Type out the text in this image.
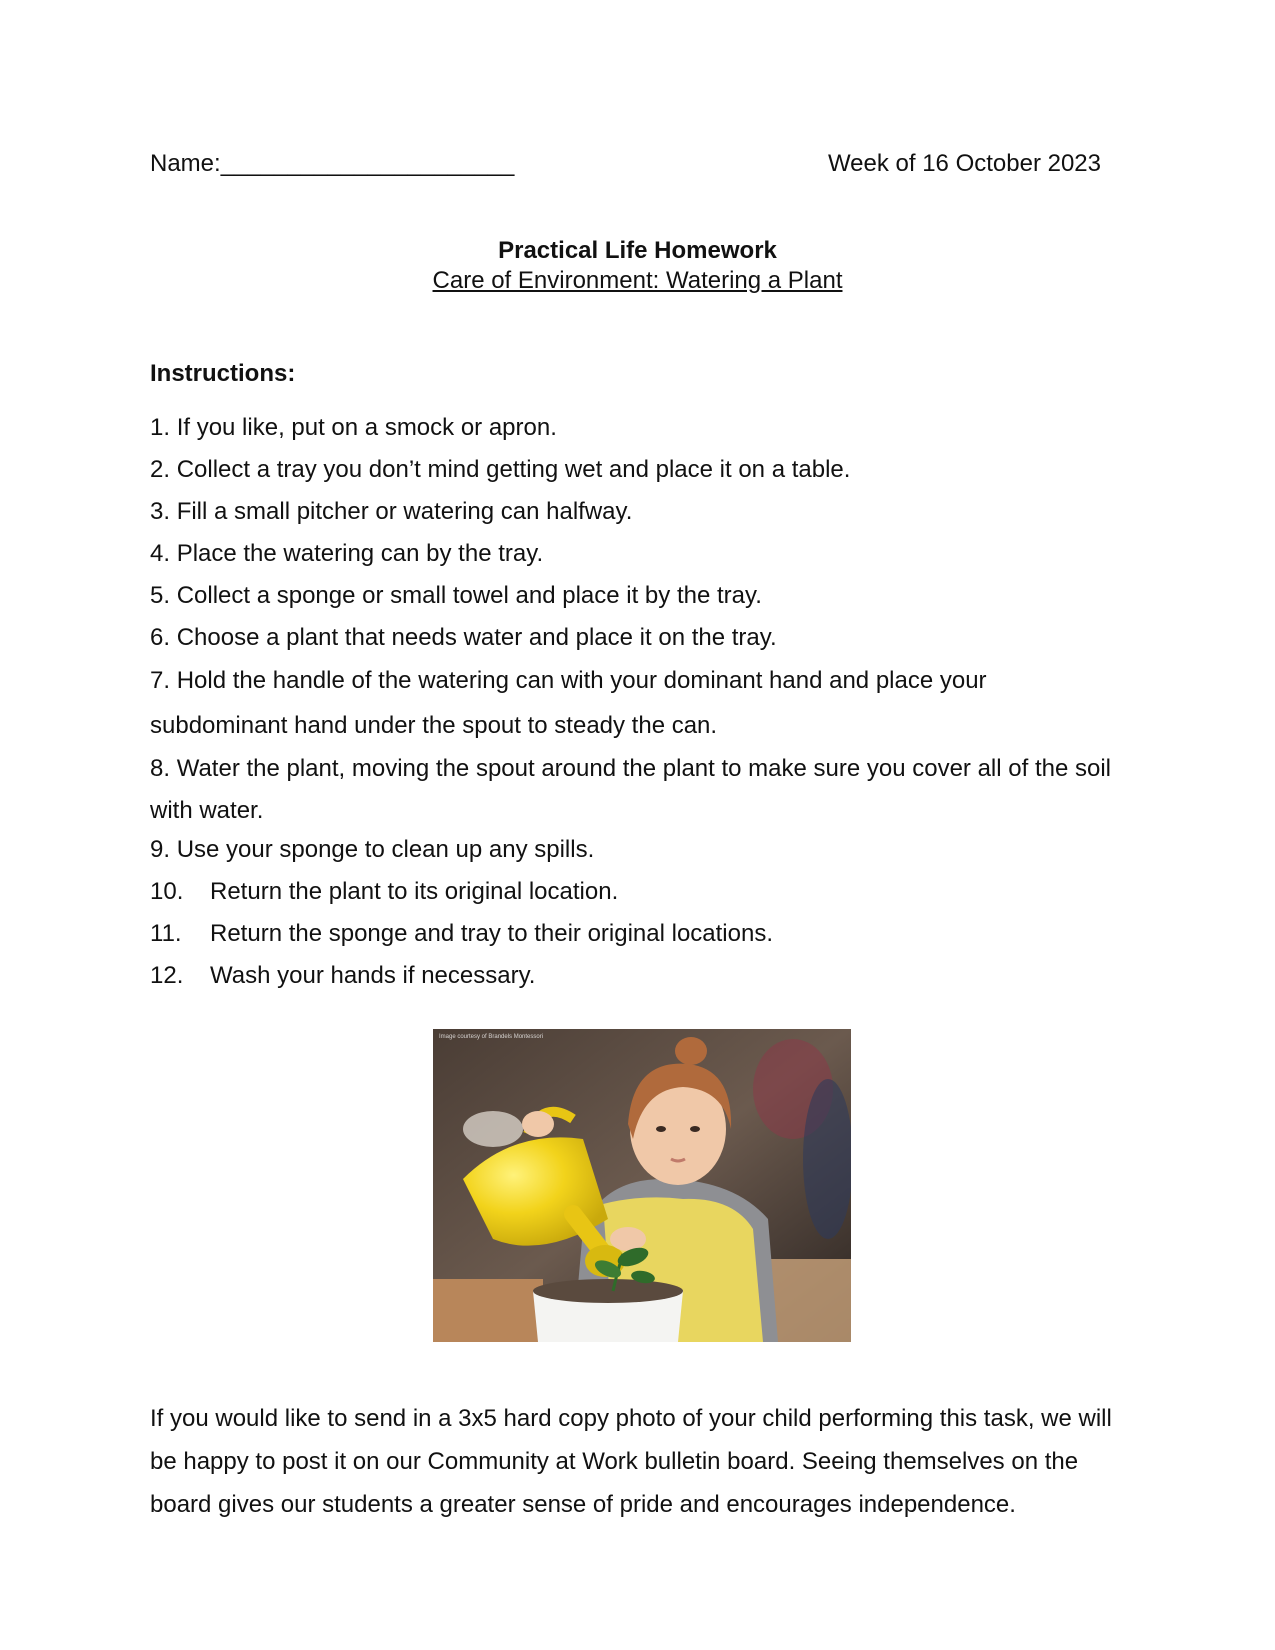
Name:______________________	Week of 16 October 2023
Practical Life Homework
Care of Environment: Watering a Plant
Instructions:
1. If you like, put on a smock or apron.
2. Collect a tray you don’t mind getting wet and place it on a table.
3. Fill a small pitcher or watering can halfway.
4. Place the watering can by the tray.
5. Collect a sponge or small towel and place it by the tray.
6. Choose a plant that needs water and place it on the tray.
7. Hold the handle of the watering can with your dominant hand and place your subdominant hand under the spout to steady the can.
8. Water the plant, moving the spout around the plant to make sure you cover all of the soil with water.
9. Use your sponge to clean up any spills.
10. Return the plant to its original location.
11. Return the sponge and tray to their original locations.
12. Wash your hands if necessary.
Image courtesy of Brandels Montessori
If you would like to send in a 3x5 hard copy photo of your child performing this task, we will be happy to post it on our Community at Work bulletin board. Seeing themselves on the board gives our students a greater sense of pride and encourages independence.
